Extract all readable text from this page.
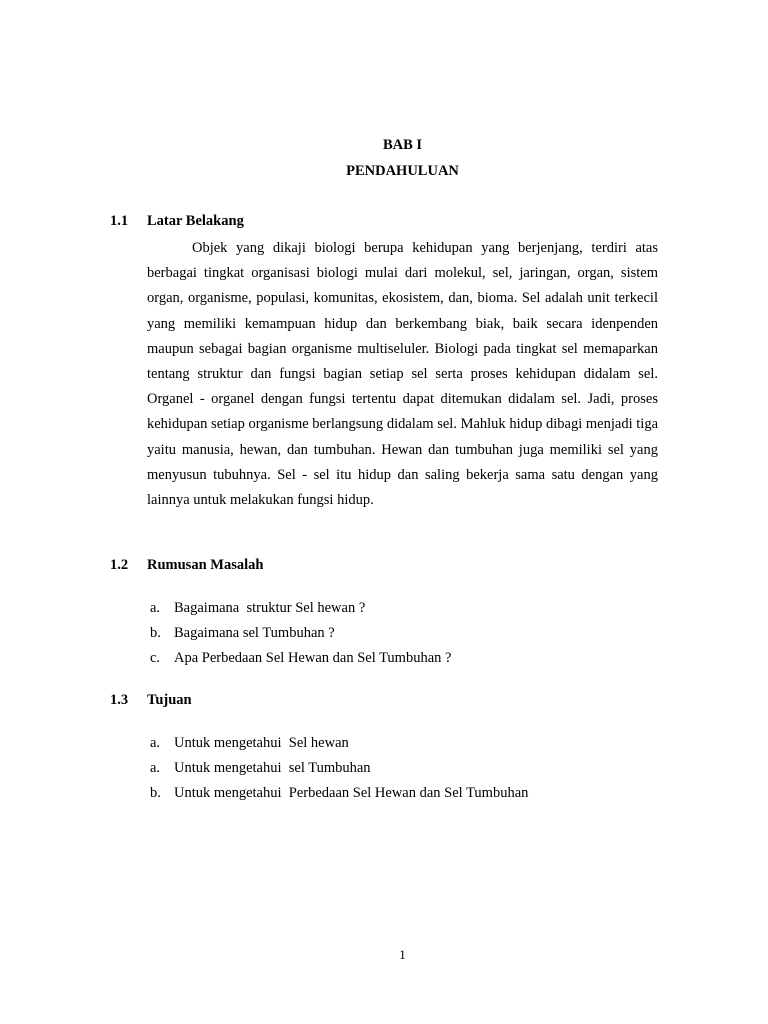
BAB I
PENDAHULUAN
1.1 Latar Belakang

Objek yang dikaji biologi berupa kehidupan yang berjenjang, terdiri atas berbagai tingkat organisasi biologi mulai dari molekul, sel, jaringan, organ, sistem organ, organisme, populasi, komunitas, ekosistem, dan, bioma. Sel adalah unit terkecil yang memiliki kemampuan hidup dan berkembang biak, baik secara idenpenden maupun sebagai bagian organisme multiseluler. Biologi pada tingkat sel memaparkan tentang struktur dan fungsi bagian setiap sel serta proses kehidupan didalam sel. Organel - organel dengan fungsi tertentu dapat ditemukan didalam sel. Jadi, proses kehidupan setiap organisme berlangsung didalam sel. Mahluk hidup dibagi menjadi tiga yaitu manusia, hewan, dan tumbuhan. Hewan dan tumbuhan juga memiliki sel yang menyusun tubuhnya. Sel - sel itu hidup dan saling bekerja sama satu dengan yang lainnya untuk melakukan fungsi hidup.

1.2 Rumusan Masalah
a. Bagaimana  struktur Sel hewan ?
b. Bagaimana sel Tumbuhan ?
c. Apa Perbedaan Sel Hewan dan Sel Tumbuhan ?
1.3 Tujuan
a. Untuk mengetahui  Sel hewan
a. Untuk mengetahui  sel Tumbuhan
b. Untuk mengetahui  Perbedaan Sel Hewan dan Sel Tumbuhan
1
